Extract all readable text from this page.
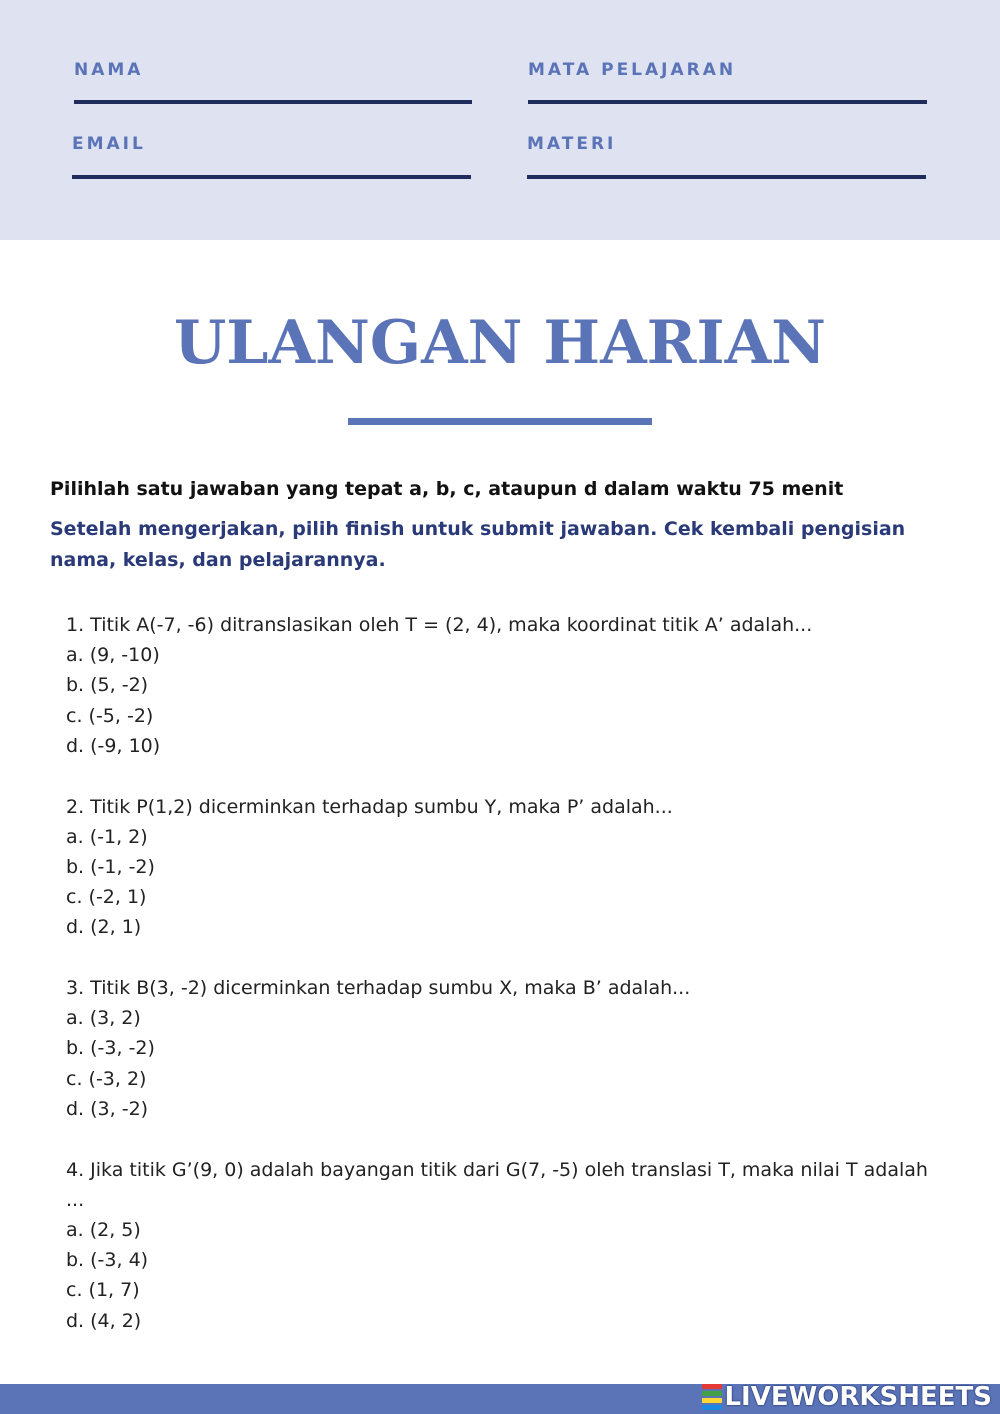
NAMA	MATA PELAJARAN
EMAIL	MATERI
ULANGAN HARIAN
Pilihlah satu jawaban yang tepat a, b, c, ataupun d dalam waktu 75 menit
Setelah mengerjakan, pilih finish untuk submit jawaban. Cek kembali pengisian nama, kelas, dan pelajarannya.
1. Titik A(-7, -6) ditranslasikan oleh T = (2, 4), maka koordinat titik A’ adalah...
a. (9, -10)
b. (5, -2)
c. (-5, -2)
d. (-9, 10)
2. Titik P(1,2) dicerminkan terhadap sumbu Y, maka P’ adalah...
a. (-1, 2)
b. (-1, -2)
c. (-2, 1)
d. (2, 1)
3. Titik B(3, -2) dicerminkan terhadap sumbu X, maka B’ adalah...
a. (3, 2)
b. (-3, -2)
c. (-3, 2)
d. (3, -2)
4. Jika titik G’(9, 0) adalah bayangan titik dari G(7, -5) oleh translasi T, maka nilai T adalah ...
a. (2, 5)
b. (-3, 4)
c. (1, 7)
d. (4, 2)
LIVEWORKSHEETS
